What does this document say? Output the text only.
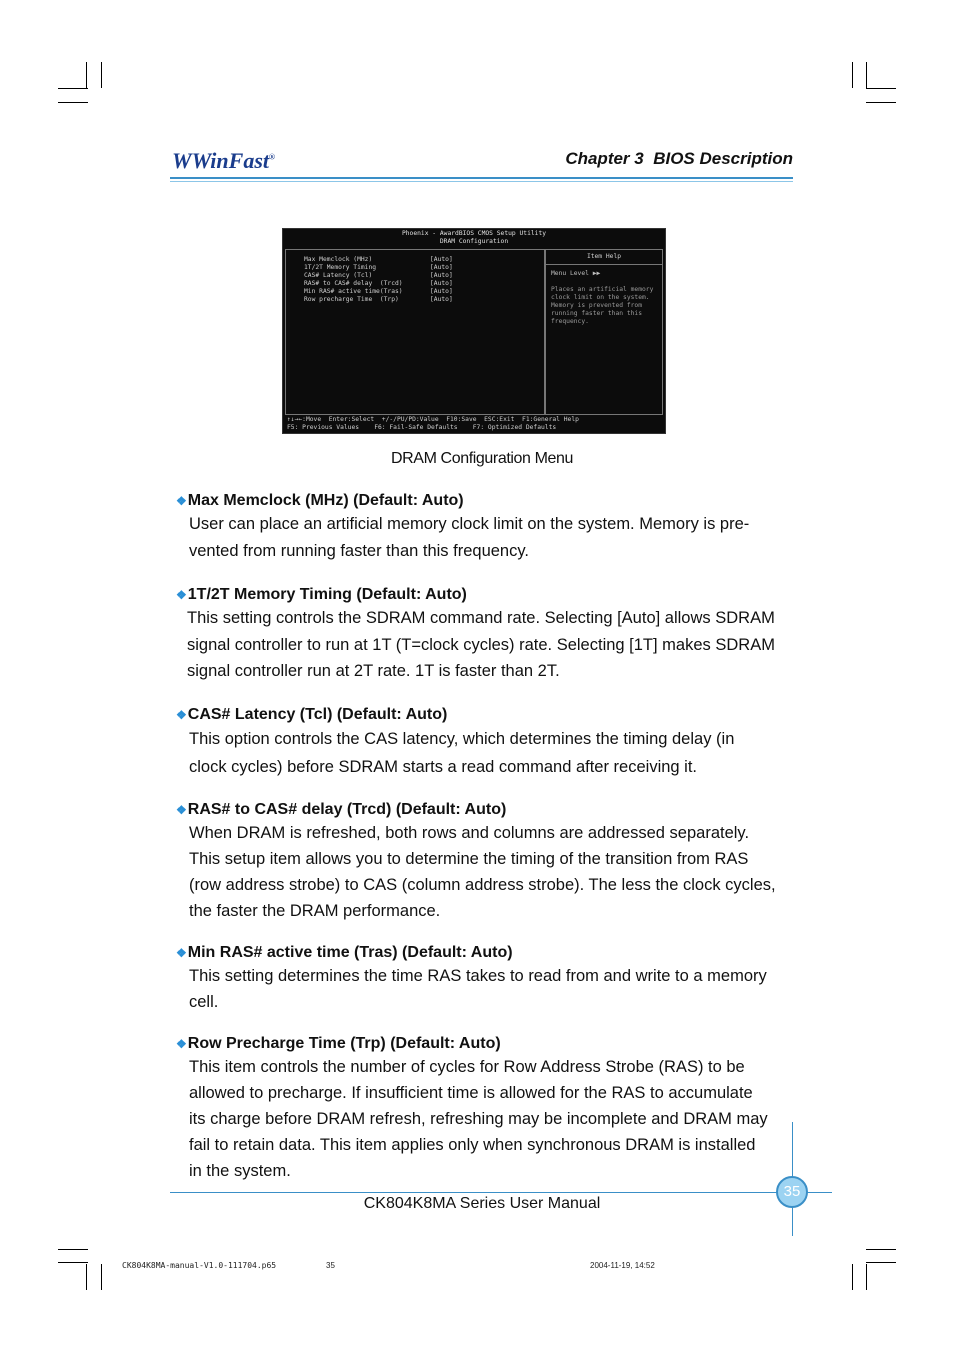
WWinFast®	Chapter 3 BIOS Description
Phoenix - AwardBIOS CMOS Setup Utility
DRAM Configuration
Max Memclock (MHz)	[Auto]
1T/2T Memory Timing	[Auto]
CAS# Latency (Tcl)	[Auto]
RAS# to CAS# delay  (Trcd)	[Auto]
Min RAS# active time(Tras)	[Auto]
Row precharge Time  (Trp)	[Auto]
Item Help
Menu Level ▶▶
Places an artificial memory clock limit on the system. Memory is prevented from running faster than this frequency.
↑↓→←:Move  Enter:Select  +/-/PU/PD:Value  F10:Save  ESC:Exit  F1:General Help
F5: Previous Values    F6: Fail-Safe Defaults    F7: Optimized Defaults
DRAM Configuration Menu
❖Max Memclock (MHz) (Default: Auto)
User can place an artificial memory clock limit on the system. Memory is pre-
vented from running faster than this frequency.
❖1T/2T Memory Timing (Default: Auto)
This setting controls the SDRAM command rate. Selecting [Auto] allows SDRAM
signal controller to run at 1T (T=clock cycles) rate. Selecting [1T] makes SDRAM
signal controller run at 2T rate. 1T is faster than 2T.
❖CAS# Latency (Tcl) (Default: Auto)
This option controls the CAS latency, which determines the timing delay (in
clock cycles) before SDRAM starts a read command after receiving it.
❖RAS# to CAS# delay (Trcd) (Default: Auto)
When DRAM is refreshed, both rows and columns are addressed separately.
This setup item allows you to determine the timing of the transition from RAS
(row address strobe) to CAS (column address strobe). The less the clock cycles,
the faster the DRAM performance.
❖Min RAS# active time (Tras) (Default: Auto)
This setting determines the time RAS takes to read from and write to a memory
cell.
❖Row Precharge Time (Trp) (Default: Auto)
This item controls the number of cycles for Row Address Strobe (RAS) to be
allowed to precharge. If insufficient time is allowed for the RAS to accumulate
its charge before DRAM refresh, refreshing may be incomplete and DRAM may
fail to retain data. This item applies only when synchronous DRAM is installed
in the system.
35
CK804K8MA Series User Manual
CK804K8MA-manual-V1.0-111704.p65	35	2004-11-19, 14:52
